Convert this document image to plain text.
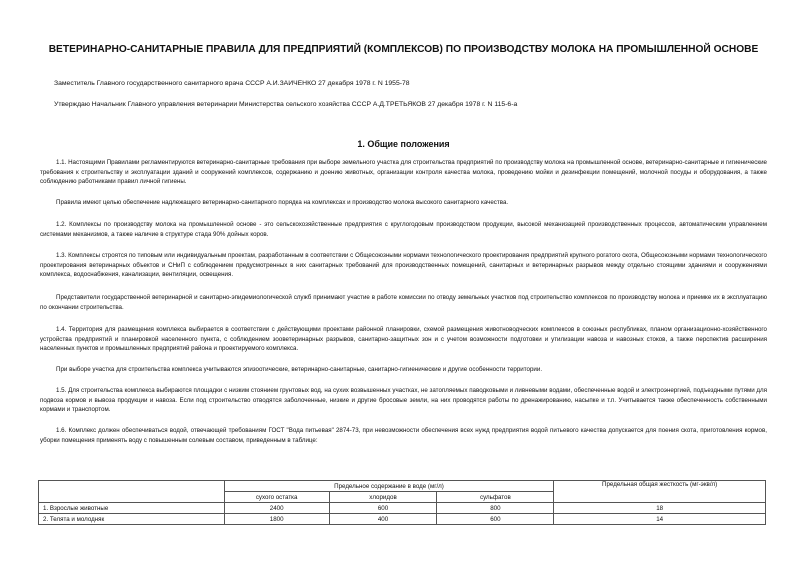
ВЕТЕРИНАРНО-САНИТАРНЫЕ ПРАВИЛА ДЛЯ ПРЕДПРИЯТИЙ (КОМПЛЕКСОВ) ПО ПРОИЗВОДСТВУ МОЛОКА НА ПРОМЫШЛЕННОЙ ОСНОВЕ
Заместитель Главного государственного санитарного врача СССР А.И.ЗАИЧЕНКО 27 декабря 1978 г. N 1955-78
Утверждаю Начальник Главного управления ветеринарии Министерства сельского хозяйства СССР А.Д.ТРЕТЬЯКОВ 27 декабря 1978 г. N 115-6-а
1. Общие положения
1.1. Настоящими Правилами регламентируются ветеринарно-санитарные требования при выборе земельного участка для строительства предприятий по производству молока на промышленной основе, ветеринарно-санитарные и гигиенические требования к строительству и эксплуатации зданий и сооружений комплексов, содержанию и доению животных, организации контроля качества молока, проведению мойки и дезинфекции помещений, молочной посуды и оборудования, а также соблюдению работниками правил личной гигиены.
Правила имеют целью обеспечение надлежащего ветеринарно-санитарного порядка на комплексах и производство молока высокого санитарного качества.
1.2. Комплексы по производству молока на промышленной основе - это сельскохозяйственные предприятия с круглогодовым производством продукции, высокой механизацией производственных процессов, автоматическим управлением системами механизмов, а также наличие в структуре стада 90% дойных коров.
1.3. Комплексы строятся по типовым или индивидуальным проектам, разработанным в соответствии с Общесоюзными нормами технологического проектирования предприятий крупного рогатого скота, Общесоюзными нормами технологического проектирования ветеринарных объектов и СНиП с соблюдением предусмотренных в них санитарных требований для производственных помещений, санитарных и ветеринарных разрывов между отдельно стоящими зданиями и сооружениями комплекса, водоснабжения, канализации, вентиляции, освещения.
Представители государственной ветеринарной и санитарно-эпидемиологической служб принимают участие в работе комиссии по отводу земельных участков под строительство комплексов по производству молока и приемке их в эксплуатацию по окончании строительства.
1.4. Территория для размещения комплекса выбирается в соответствии с действующими проектами районной планировки, схемой размещения животноводческих комплексов в союзных республиках, планом организационно-хозяйственного устройства предприятий и планировкой населенного пункта, с соблюдением зооветеринарных разрывов, санитарно-защитных зон и с учетом возможности подготовки и утилизации навоза и навозных стоков, а также перспектив расширения населенных пунктов и промышленных предприятий района и проектируемого комплекса.
При выборе участка для строительства комплекса учитываются эпизоотические, ветеринарно-санитарные, санитарно-гигиенические и другие особенности территории.
1.5. Для строительства комплекса выбираются площадки с низким стоянием грунтовых вод, на сухих возвышенных участках, не затопляемых паводковыми и ливневыми водами, обеспеченные водой и электроэнергией, подъездными путями для подвоза кормов и вывоза продукции и навоза. Если под строительство отводятся заболоченные, низкие и другие бросовые земли, на них проводятся работы по дренажированию, насыпке и т.п. Учитывается также обеспеченность собственными кормами и транспортом.
1.6. Комплекс должен обеспечиваться водой, отвечающей требованиям ГОСТ "Вода питьевая" 2874-73, при невозможности обеспечения всех нужд предприятия водой питьевого качества допускается для поения скота, приготовления кормов, уборки помещения применять воду с повышенным солевым составом, приведенным в таблице:
	Предельное содержание в воде (мг/л)			Предельная общая жесткость (мг-экв/л)
	сухого остатка	хлоридов	сульфатов	
1. Взрослые животные	2400	600	800	18
2. Телята и молодняк	1800	400	600	14
